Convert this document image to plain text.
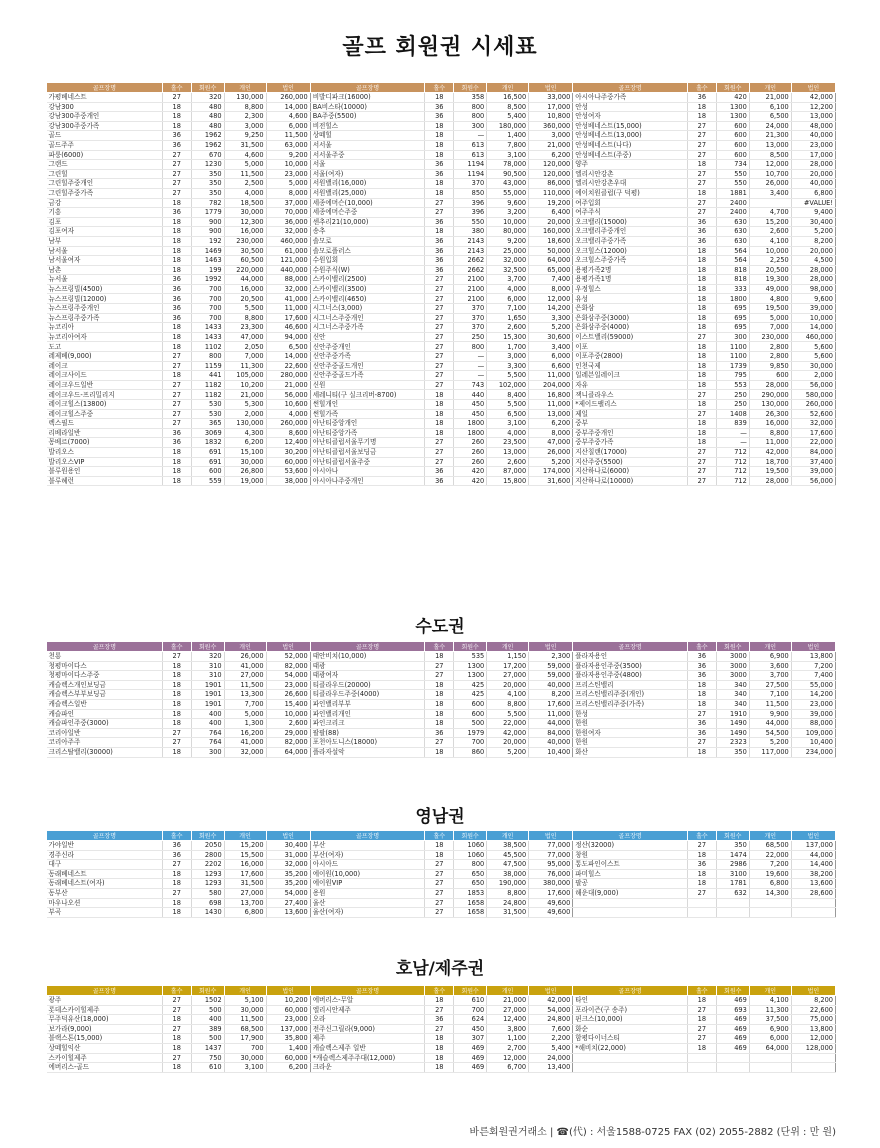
골프 회원권 시세표
골프장명	홀수	회원수	개인	법인	골프장명	홀수	회원수	개인	법인	골프장명	홀수	회원수	개인	법인
가평베네스트	27	320	130,000	260,000	비발디파크(16000)	18	358	16,500	33,000	아시아나주중가족	36	420	21,000	42,000
강남300	18	480	8,800	14,000	BA비스타(10000)	36	800	8,500	17,000	안성	18	1300	6,100	12,200
강남300주중개인	18	480	2,300	4,600	BA주중(5500)	36	800	5,400	10,800	안성여자	18	1300	6,500	13,000
강남300주중가족	18	480	3,000	6,000	비전힐스	18	300	180,000	360,000	안성베네스트(15,000)	27	600	24,000	48,000
골드	36	1962	9,250	11,500	상떼힐	18	—	1,400	3,000	안성베네스트(13,000)	27	600	21,300	40,000
골드주주	36	1962	31,500	63,000	서서울	18	613	7,800	21,000	안성베네스트(나다)	27	600	13,000	23,000
파룽(6000)	27	670	4,600	9,200	서서울주중	18	613	3,100	6,200	안성베네스트(주중)	27	600	8,500	17,000
그랜드	27	1230	5,000	10,000	서울	36	1194	78,000	120,000	양주	18	734	12,000	28,000
그린힐	27	350	11,500	23,000	서울(여자)	36	1194	90,500	120,000	엘리시안강촌	27	550	10,700	20,000
그린힐주중개인	27	350	2,500	5,000	서원밸리(16,000)	18	370	43,000	86,000	엘리시안강촌우대	27	550	26,000	40,000
그린힐주중가족	27	350	4,000	8,000	서원밸리(25,000)	18	850	55,000	110,000	에이치원클럽(구 덕평)	18	1881	3,400	6,800
금강	18	782	18,500	37,000	세종에머슨(10,000)	27	396	9,600	19,200	여주입회	27	2400		#VALUE!
기흥	36	1779	30,000	70,000	세종에머슨주중	27	396	3,200	6,400	여주주식	27	2400	4,700	9,400
김포	18	900	12,300	36,000	센추리21(10,000)	36	550	10,000	20,000	오크밸리(15000)	36	630	15,200	30,400
김포여자	18	900	16,000	32,000	송추	18	380	80,000	160,000	오크밸리주중개인	36	630	2,600	5,200
남부	18	192	230,000	460,000	솔모로	36	2143	9,200	18,600	오크밸리주중가족	36	630	4,100	8,200
남서울	18	1469	30,500	61,000	솔모로플러스	36	2143	25,000	50,000	오크힐스(12000)	18	564	10,000	20,000
남서울여자	18	1463	60,500	121,000	수원입회	36	2662	32,000	64,000	오크힐스주중가족	18	564	2,250	4,500
남촌	18	199	220,000	440,000	수원주식(W)	36	2662	32,500	65,000	용평가족2명	18	818	20,500	28,000
뉴서울	36	1992	44,000	88,000	스카이밸리(2500)	27	2100	3,700	7,400	용평가족1명	18	818	19,300	28,000
뉴스프링빌(4500)	36	700	16,000	32,000	스카이밸리(3500)	27	2100	4,000	8,000	우정힐스	18	333	49,000	98,000
뉴스프링빌(12000)	36	700	20,500	41,000	스카이밸리(4650)	27	2100	6,000	12,000	유성	18	1800	4,800	9,600
뉴스프링주중개인	36	700	5,500	11,000	시그너스(3,000)	27	370	7,100	14,200	은화삼	18	695	19,500	39,000
뉴스프링주중가족	36	700	8,800	17,600	시그너스주중개인	27	370	1,650	3,300	은화삼주중(3000)	18	695	5,000	10,000
뉴코리아	18	1433	23,300	46,600	시그너스주중가족	27	370	2,600	5,200	은화삼주중(4000)	18	695	7,000	14,000
뉴코리아여자	18	1433	47,000	94,000	신안	27	250	15,300	30,600	이스트밸리(59000)	27	300	230,000	460,000
도고	18	1102	2,050	6,500	신안주중개인	27	800	1,700	3,400	이포	18	1100	2,800	5,600
레제베(9,000)	27	800	7,000	14,000	신안주중가족	27	—	3,000	6,000	이포주중(2800)	18	1100	2,800	5,600
레이크	27	1159	11,300	22,600	신안주중골드개인	27	—	3,300	6,600	인천국제	18	1739	9,850	30,000
레이크사이드	18	441	105,000	280,000	신안주중골드가족	27	—	5,500	11,000	일레븐일레이크	18	795	600	2,000
레이크우드일반	27	1182	10,200	21,000	신원	27	743	102,000	204,000	자유	18	553	28,000	56,000
레이크우드-프리밀리지	27	1182	21,000	56,000	세레니티(구 실크리버-8700)	18	440	8,400	16,800	잭니클라우스	27	250	290,000	580,000
레이크힐스(13800)	27	530	5,300	10,600	썬힐개인	18	450	5,500	11,000	*제이드팰리스	18	250	130,000	260,000
레이크힐스주중	27	530	2,000	4,000	썬힐가족	18	450	6,500	13,000	제일	27	1408	26,300	52,600
렉스필드	27	365	130,000	260,000	아난티중앙개인	18	1800	3,100	6,200	중부	18	839	16,000	32,000
리베라일반	36	3069	4,300	8,600	아난티중앙가족	18	1800	4,000	8,000	중부주중개인	18	—	8,800	17,600
몽베르(7000)	36	1832	6,200	12,400	아난티클럽서울무기명	27	260	23,500	47,000	중부주중가족	18	—	11,000	22,000
발리오스	18	691	15,100	30,200	아난티클럽서울보딩금	27	260	13,000	26,000	지산칠랜(17000)	27	712	42,000	84,000
발리오스VIP	18	691	30,000	60,000	아난티클럽서울주중	27	260	2,600	5,200	지산주중(5500)	27	712	18,700	37,400
블루원용인	18	600	26,800	53,600	아시아나	36	420	87,000	174,000	지산하나로(6000)	27	712	19,500	39,000
블루헤런	18	559	19,000	38,000	아시아나주중개인	36	420	15,800	31,600	지산하나로(10000)	27	712	28,000	56,000
수도권
골프장명	홀수	회원수	개인	법인	골프장명	홀수	회원수	개인	법인	골프장명	홀수	회원수	개인	법인
천룡	27	320	26,000	52,000	태안비치(10,000)	18	535	1,150	2,300	플라자용인	36	3000	6,900	13,800
청평마이다스	18	310	41,000	82,000	태광	27	1300	17,200	59,000	플라자용인주중(3500)	36	3000	3,600	7,200
청평마이다스주중	18	310	27,000	54,000	태광여자	27	1300	27,000	59,000	플라자용인주중(4800)	36	3000	3,700	7,400
캐슬렉스개인보딩금	18	1901	11,500	23,000	티클라우드(20000)	18	425	20,000	40,000	프리스틴밸리	18	340	27,500	55,000
캐슬렉스부부보딩금	18	1901	13,300	26,600	티클라우드주중(4000)	18	425	4,100	8,200	프리스틴밸리주중(개인)	18	340	7,100	14,200
캐슬렉스일반	18	1901	7,700	15,400	파인밸리부부	18	600	8,800	17,600	프리스틴밸리주중(가족)	18	340	11,500	23,000
캐슬파인	18	400	5,000	10,000	파인밸리개인	18	600	5,500	11,000	한성	27	1910	9,900	39,000
캐슬파인주중(3000)	18	400	1,300	2,600	파인크리크	18	500	22,000	44,000	한원	36	1490	44,000	88,000
코리아일반	27	764	16,200	29,000	팔팔(88)	36	1979	42,000	84,000	한원여자	36	1490	54,500	109,000
코리아주주	27	764	41,000	82,000	포천아도니스(18000)	27	700	20,000	40,000	한원	27	2323	5,200	10,400
크리스탈밸리(30000)	18	300	32,000	64,000	플라자설악	18	860	5,200	10,400	화산	18	350	117,000	234,000
영남권
골프장명	홀수	회원수	개인	법인	골프장명	홀수	회원수	개인	법인	골프장명	홀수	회원수	개인	법인
가야일반	36	2050	15,200	30,400	부산	18	1060	38,500	77,000	정산(32000)	27	350	68,500	137,000
경주신라	36	2800	15,500	31,000	부산(여자)	18	1060	45,500	77,000	창원	18	1474	22,000	44,000
대구	27	2202	16,000	32,000	아시아드	27	800	47,500	95,000	통도파인이스트	36	2986	7,200	14,400
동래베네스트	18	1293	17,600	35,200	에이원(10,000)	27	650	38,000	76,000	파미힐스	18	3100	19,600	38,200
동래베네스트(여자)	18	1293	31,500	35,200	에이원VIP	27	650	190,000	380,000	팔공	18	1781	6,800	13,600
동부산	27	580	27,000	54,000	용원	27	1853	8,800	17,600	해운대(9,000)	27	632	14,300	28,600
마우나오션	18	698	13,700	27,400	울산	27	1658	24,800	49,600					
부곡	18	1430	6,800	13,600	울산(여자)	27	1658	31,500	49,600					
호남/제주권
골프장명	홀수	회원수	개인	법인	골프장명	홀수	회원수	개인	법인	골프장명	홀수	회원수	개인	법인
광주	27	1502	5,100	10,200	에버리스-무알	18	610	21,000	42,000	타인	18	469	4,100	8,200
롯데스카이힐제주	27	500	30,000	60,000	엘리시안제주	27	700	27,000	54,000	포라이즌(구 송주)	27	693	11,300	22,600
무주덕유산(18,000)	18	400	11,500	23,000	오라	36	624	12,400	24,800	핀크스(10,000)	18	469	37,500	75,000
보가라(9,000)	27	389	68,500	137,000	전주신그릴라(9,000)	27	450	3,800	7,600	화순	27	469	6,900	13,800
블랙스톤(15,000)	18	500	17,900	35,800	제주	18	307	1,100	2,200	함평다이너스티	27	469	6,000	12,000
상떼힐익산	18	1437	700	1,400	캐슬렉스제주 일반	18	469	2,700	5,400	*해비치(22,000)	18	469	64,000	128,000
스카이힐제주	27	750	30,000	60,000	*캐슬렉스제주주대(12,000)	18	469	12,000	24,000					
에버리스-골드	18	610	3,100	6,200	크라운	18	469	6,700	13,400					
바른회원권거래소 | ☎(代) : 서울1588-0725 FAX (02) 2055-2882 (단위 : 만 원)
